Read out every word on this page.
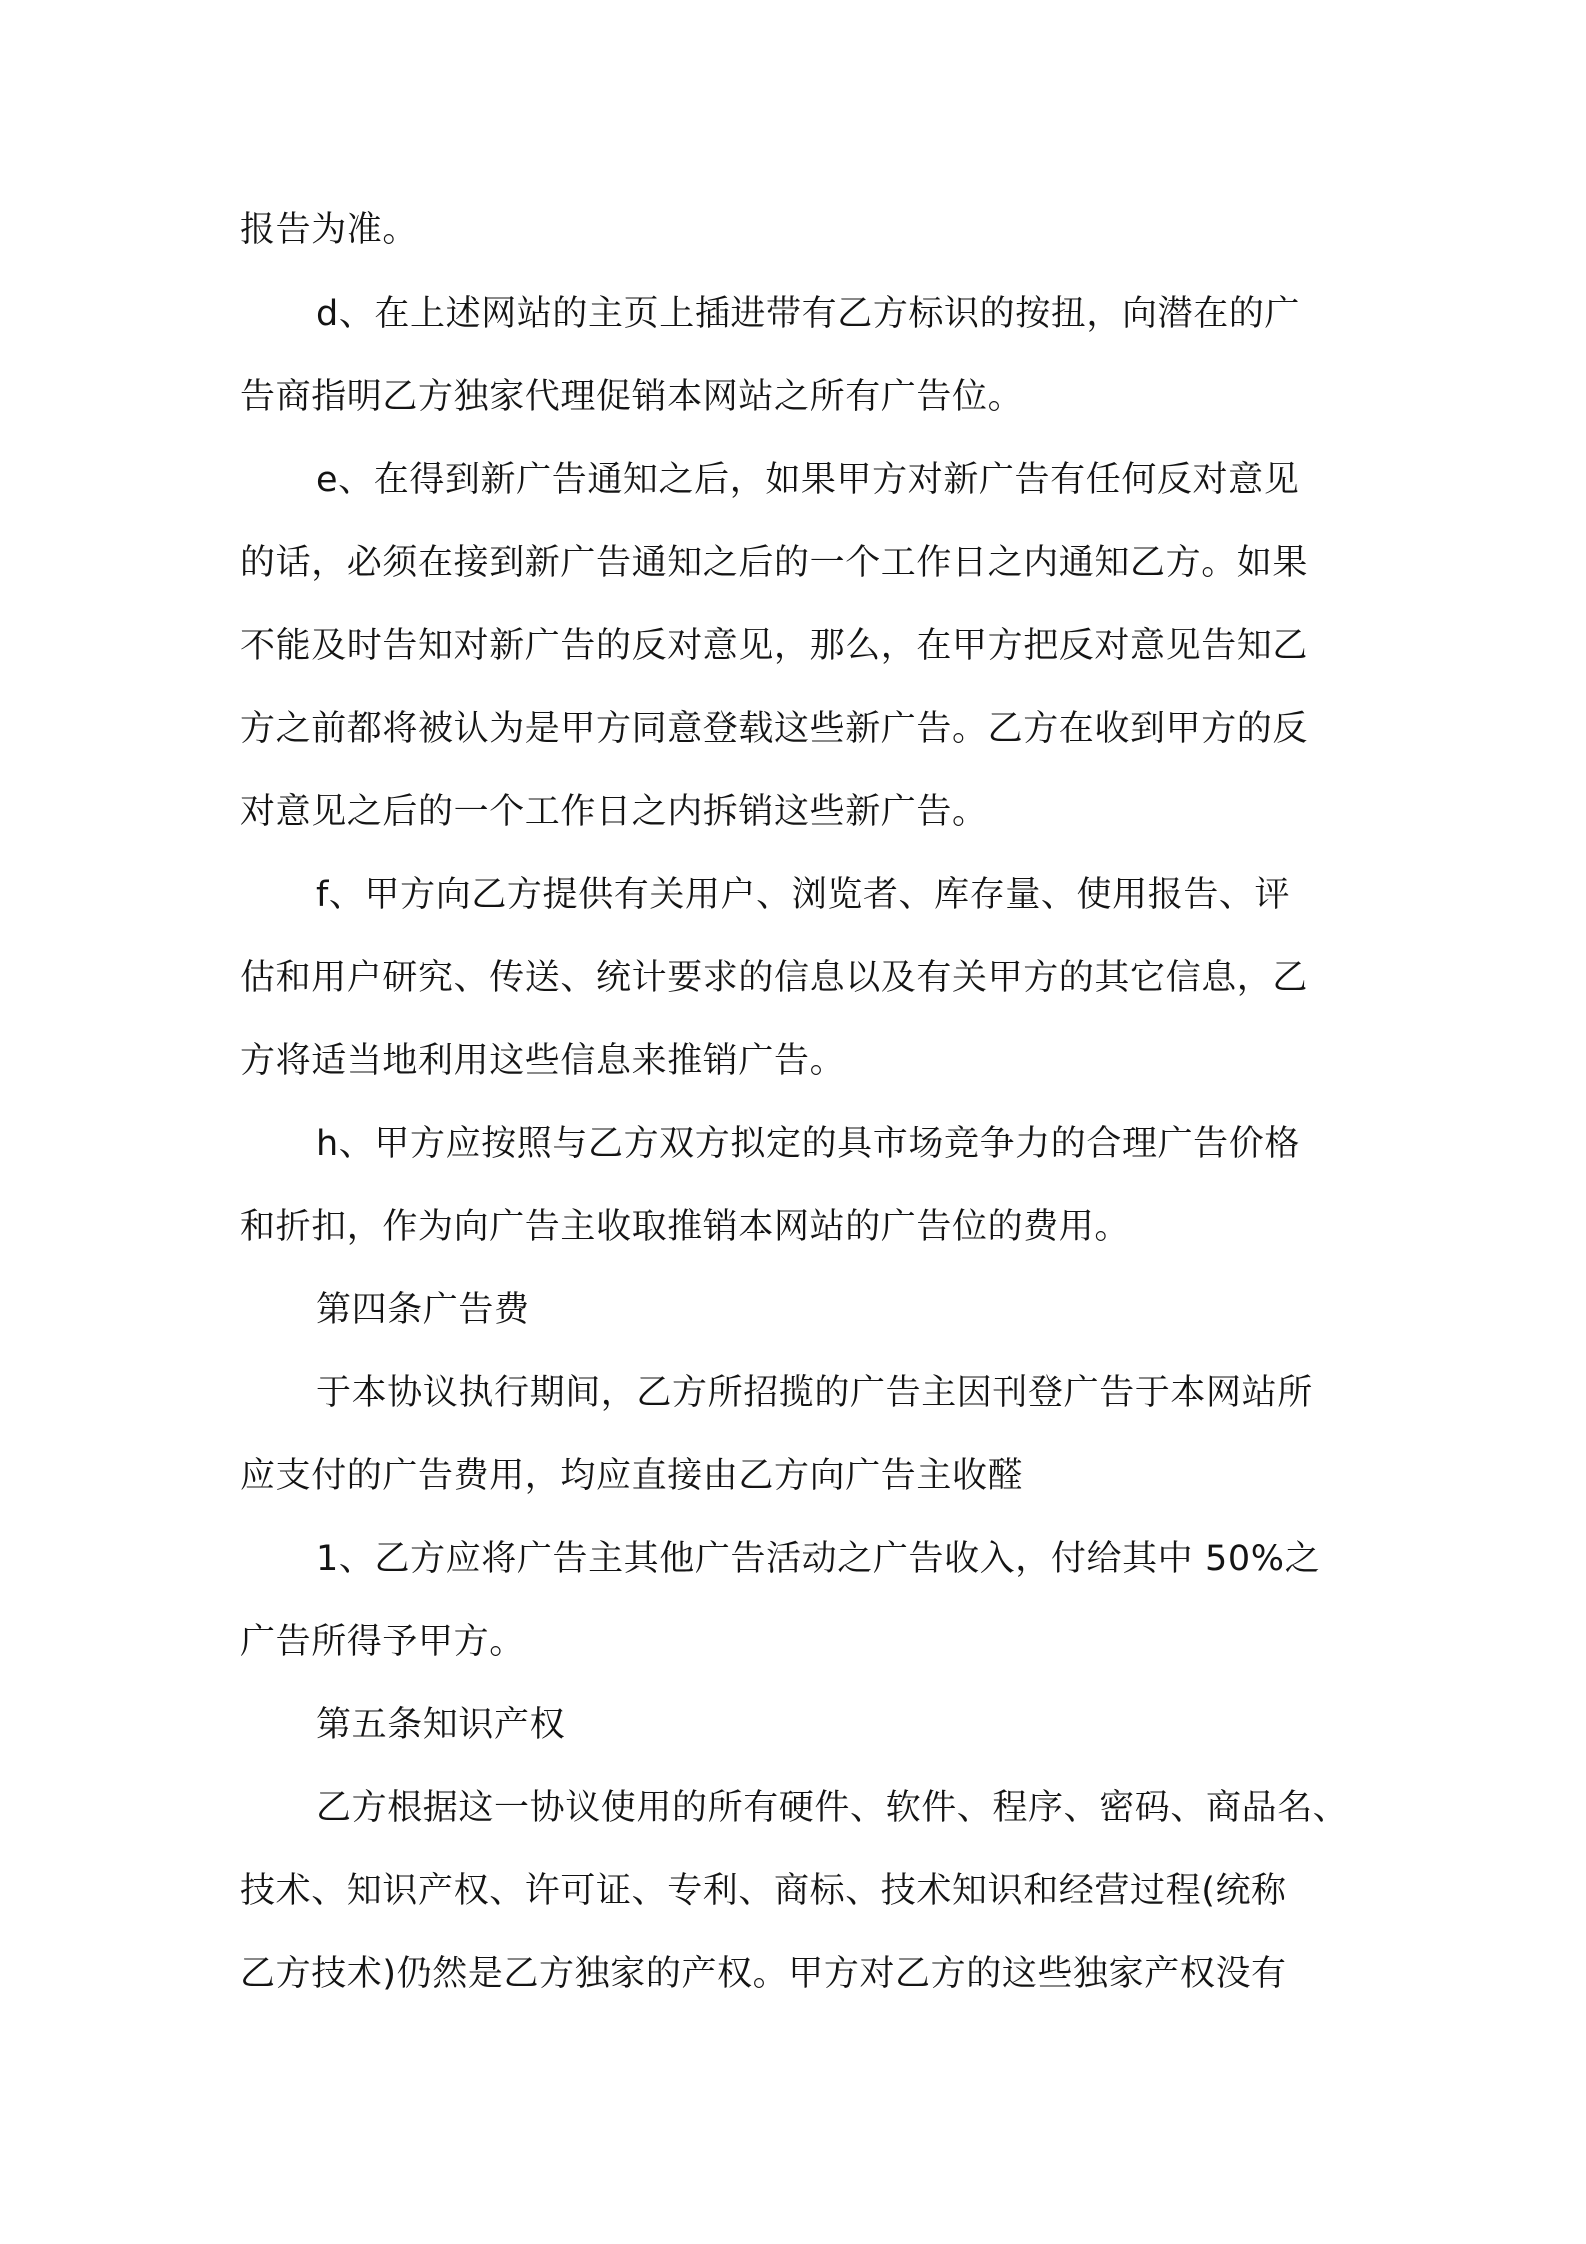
报告为准。
d、在上述网站的主页上插进带有乙方标识的按扭，向潜在的广
告商指明乙方独家代理促销本网站之所有广告位。
e、在得到新广告通知之后，如果甲方对新广告有任何反对意见
的话，必须在接到新广告通知之后的一个工作日之内通知乙方。如果
不能及时告知对新广告的反对意见，那么，在甲方把反对意见告知乙
方之前都将被认为是甲方同意登载这些新广告。乙方在收到甲方的反
对意见之后的一个工作日之内拆销这些新广告。
f、甲方向乙方提供有关用户、浏览者、库存量、使用报告、评
估和用户研究、传送、统计要求的信息以及有关甲方的其它信息，乙
方将适当地利用这些信息来推销广告。
h、甲方应按照与乙方双方拟定的具市场竞争力的合理广告价格
和折扣，作为向广告主收取推销本网站的广告位的费用。
第四条广告费
于本协议执行期间，乙方所招揽的广告主因刊登广告于本网站所
应支付的广告费用，均应直接由乙方向广告主收醛
1、乙方应将广告主其他广告活动之广告收入，付给其中 50%之
广告所得予甲方。
第五条知识产权
乙方根据这一协议使用的所有硬件、软件、程序、密码、商品名、
技术、知识产权、许可证、专利、商标、技术知识和经营过程(统称
乙方技术)仍然是乙方独家的产权。甲方对乙方的这些独家产权没有
